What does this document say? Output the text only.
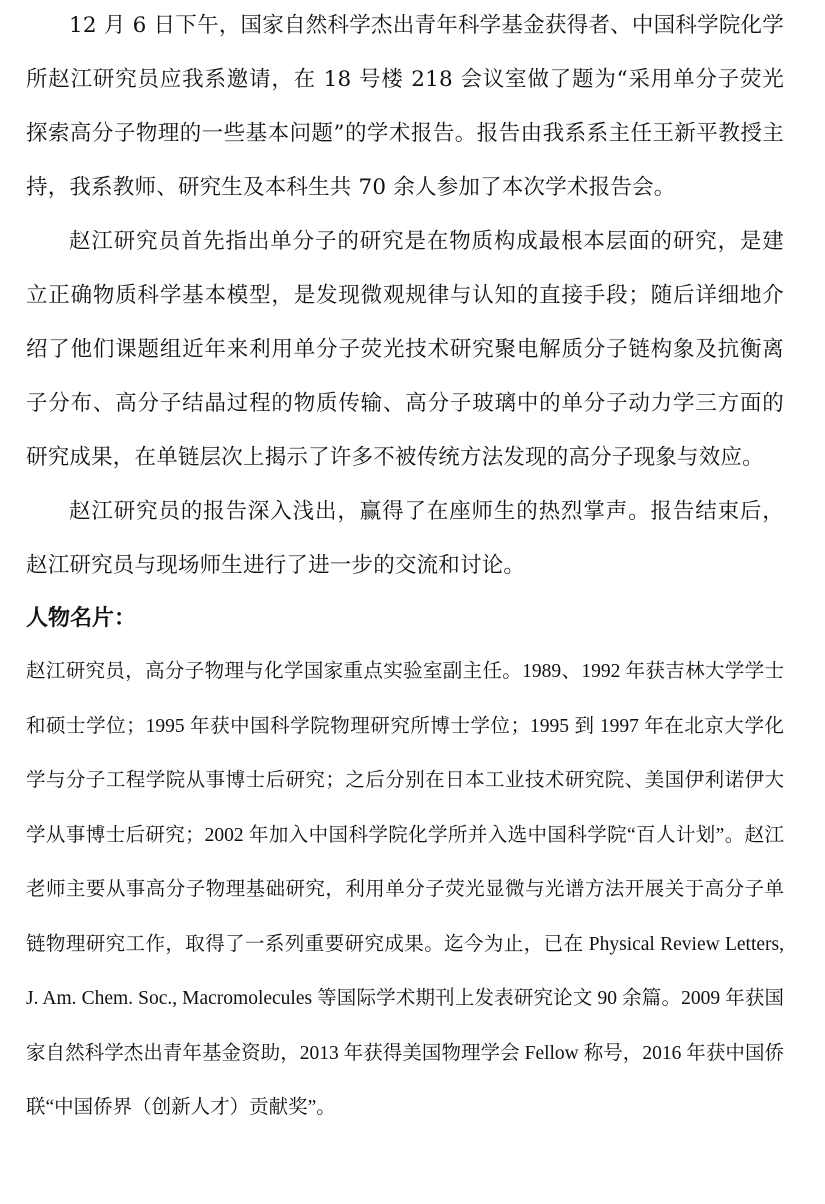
12 月 6 日下午，国家自然科学杰出青年科学基金获得者、中国科学院化学所赵江研究员应我系邀请，在 18 号楼 218 会议室做了题为“采用单分子荧光探索高分子物理的一些基本问题”的学术报告。报告由我系系主任王新平教授主持，我系教师、研究生及本科生共 70 余人参加了本次学术报告会。

赵江研究员首先指出单分子的研究是在物质构成最根本层面的研究，是建立正确物质科学基本模型，是发现微观规律与认知的直接手段；随后详细地介绍了他们课题组近年来利用单分子荧光技术研究聚电解质分子链构象及抗衡离子分布、高分子结晶过程的物质传输、高分子玻璃中的单分子动力学三方面的研究成果，在单链层次上揭示了许多不被传统方法发现的高分子现象与效应。

赵江研究员的报告深入浅出，赢得了在座师生的热烈掌声。报告结束后，赵江研究员与现场师生进行了进一步的交流和讨论。

人物名片：

赵江研究员，高分子物理与化学国家重点实验室副主任。1989、1992 年获吉林大学学士和硕士学位；1995 年获中国科学院物理研究所博士学位；1995 到 1997 年在北京大学化学与分子工程学院从事博士后研究；之后分别在日本工业技术研究院、美国伊利诺伊大学从事博士后研究；2002 年加入中国科学院化学所并入选中国科学院“百人计划”。赵江老师主要从事高分子物理基础研究，利用单分子荧光显微与光谱方法开展关于高分子单链物理研究工作，取得了一系列重要研究成果。迄今为止，已在 Physical Review Letters, J. Am. Chem. Soc., Macromolecules 等国际学术期刊上发表研究论文 90 余篇。2009 年获国家自然科学杰出青年基金资助，2013 年获得美国物理学会 Fellow 称号，2016 年获中国侨联“中国侨界（创新人才）贡献奖”。
